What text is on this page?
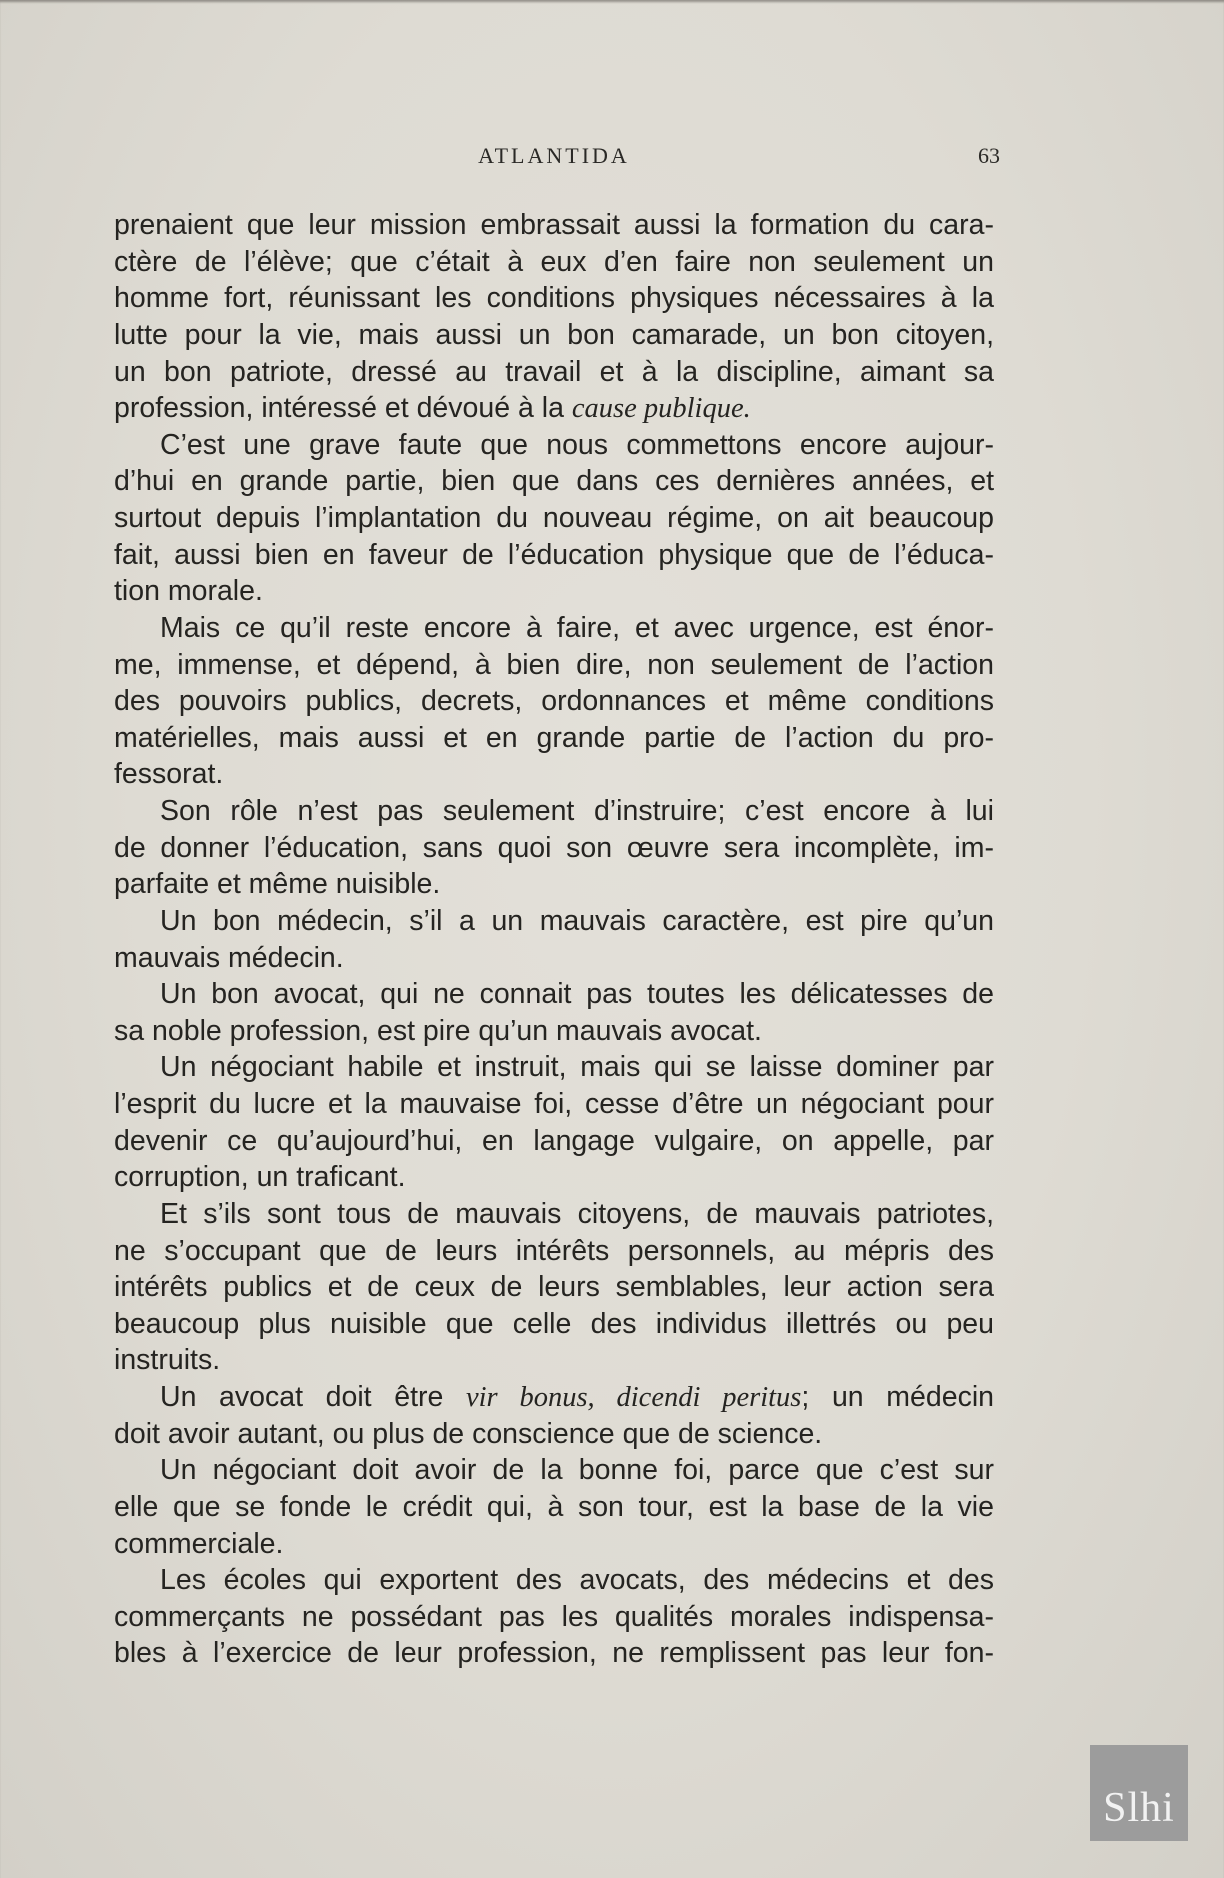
ATLANTIDA	63
prenaient que leur mission embrassait aussi la formation du cara-
ctère de l’élève; que c’était à eux d’en faire non seulement un
homme fort, réunissant les conditions physiques nécessaires à la
lutte pour la vie, mais aussi un bon camarade, un bon citoyen,
un bon patriote, dressé au travail et à la discipline, aimant sa
profession, intéressé et dévoué à la cause publique.
C’est une grave faute que nous commettons encore aujour-
d’hui en grande partie, bien que dans ces dernières années, et
surtout depuis l’implantation du nouveau régime, on ait beaucoup
fait, aussi bien en faveur de l’éducation physique que de l’éduca-
tion morale.
Mais ce qu’il reste encore à faire, et avec urgence, est énor-
me, immense, et dépend, à bien dire, non seulement de l’action
des pouvoirs publics, decrets, ordonnances et même conditions
matérielles, mais aussi et en grande partie de l’action du pro-
fessorat.
Son rôle n’est pas seulement d’instruire; c’est encore à lui
de donner l’éducation, sans quoi son œuvre sera incomplète, im-
parfaite et même nuisible.
Un bon médecin, s’il a un mauvais caractère, est pire qu’un
mauvais médecin.
Un bon avocat, qui ne connait pas toutes les délicatesses de
sa noble profession, est pire qu’un mauvais avocat.
Un négociant habile et instruit, mais qui se laisse dominer par
l’esprit du lucre et la mauvaise foi, cesse d’être un négociant pour
devenir ce qu’aujourd’hui, en langage vulgaire, on appelle, par
corruption, un traficant.
Et s’ils sont tous de mauvais citoyens, de mauvais patriotes,
ne s’occupant que de leurs intérêts personnels, au mépris des
intérêts publics et de ceux de leurs semblables, leur action sera
beaucoup plus nuisible que celle des individus illettrés ou peu
instruits.
Un avocat doit être vir bonus, dicendi peritus; un médecin
doit avoir autant, ou plus de conscience que de science.
Un négociant doit avoir de la bonne foi, parce que c’est sur
elle que se fonde le crédit qui, à son tour, est la base de la vie
commerciale.
Les écoles qui exportent des avocats, des médecins et des
commerçants ne possédant pas les qualités morales indispensa-
bles à l’exercice de leur profession, ne remplissent pas leur fon-
Slhi
